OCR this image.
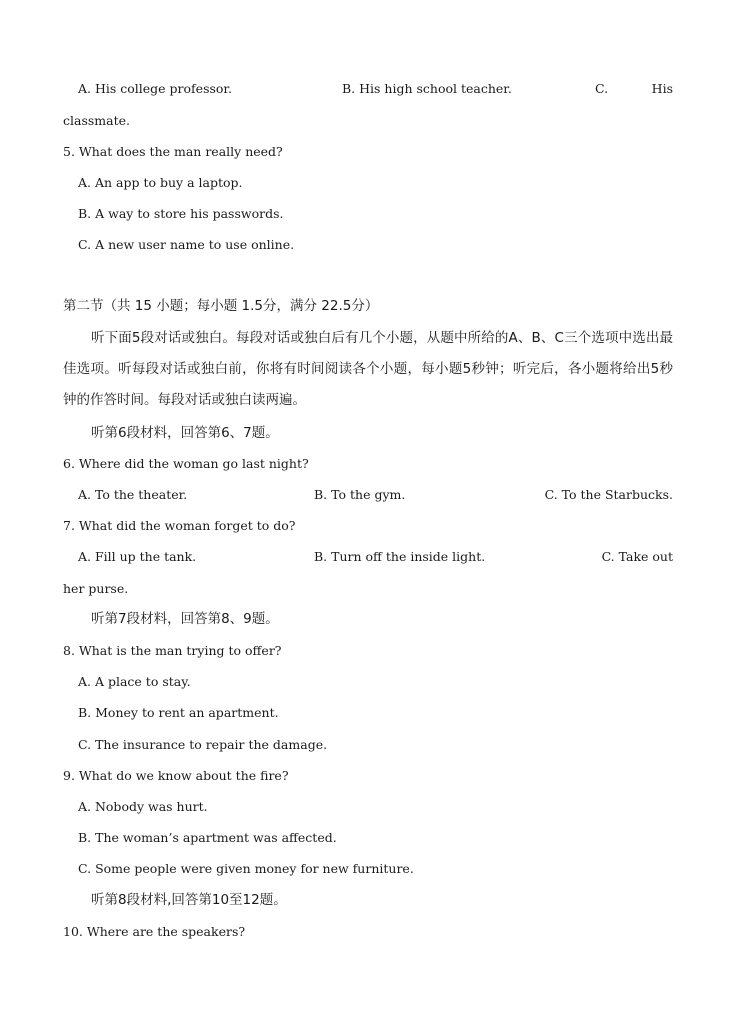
A. His college professor.	B. His high school teacher.	C.	His
classmate.
5. What does the man really need?
A. An app to buy a laptop.
B. A way to store his passwords.
C. A new user name to use online.
第二节（共 15 小题；每小题 1.5分，满分 22.5分）
听下面5段对话或独白。每段对话或独白后有几个小题，从题中所给的A、B、C三个选项中选出最佳选项。听每段对话或独白前，你将有时间阅读各个小题，每小题5秒钟；听完后，各小题将给出5秒钟的作答时间。每段对话或独白读两遍。
听第6段材料，回答第6、7题。
6. Where did the woman go last night?
A. To the theater.	B. To the gym.	C. To the Starbucks.
7. What did the woman forget to do?
A. Fill up the tank.	B. Turn off the inside light.	C. Take out
her purse.
听第7段材料，回答第8、9题。
8. What is the man trying to offer?
A. A place to stay.
B. Money to rent an apartment.
C. The insurance to repair the damage.
9. What do we know about the fire?
A. Nobody was hurt.
B. The woman’s apartment was affected.
C. Some people were given money for new furniture.
听第8段材料,回答第10至12题。
10. Where are the speakers?
